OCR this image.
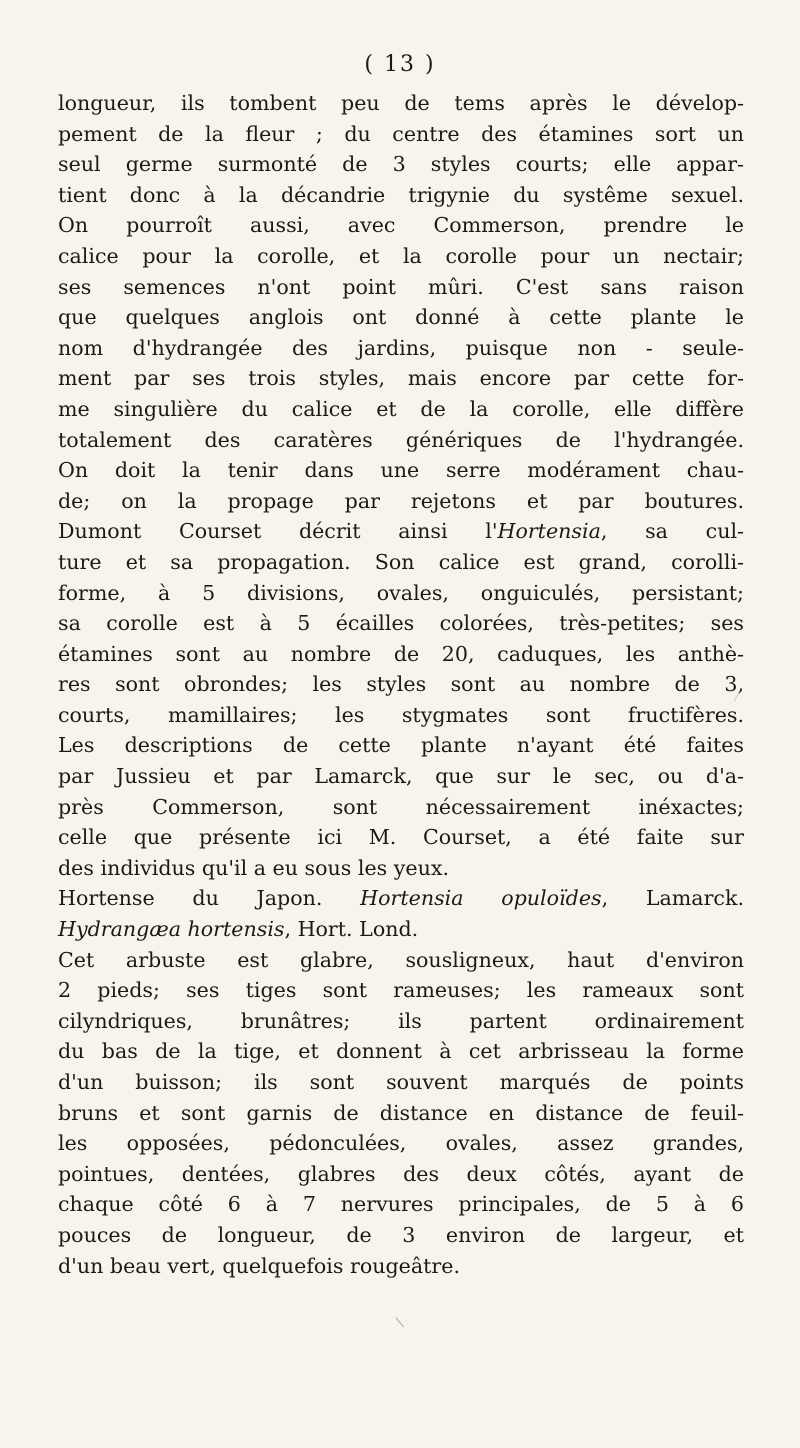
( 13 )
longueur, ils tombent peu de tems après le dévelop-
pement de la fleur ; du centre des étamines sort un
seul germe surmonté de 3 styles courts; elle appar-
tient donc à la décandrie trigynie du systême sexuel.
On pourroît aussi, avec Commerson, prendre le
calice pour la corolle, et la corolle pour un nectair;
ses semences n'ont point mûri. C'est sans raison
que quelques anglois ont donné à cette plante le
nom d'hydrangée des jardins, puisque non - seule-
ment par ses trois styles, mais encore par cette for-
me singulière du calice et de la corolle, elle diffère
totalement des caratères génériques de l'hydrangée.
On doit la tenir dans une serre modérament chau-
de; on la propage par rejetons et par boutures.
Dumont Courset décrit ainsi l'Hortensia, sa cul-
ture et sa propagation. Son calice est grand, corolli-
forme, à 5 divisions, ovales, onguiculés, persistant;
sa corolle est à 5 écailles colorées, très-petites; ses
étamines sont au nombre de 20, caduques, les anthè-
res sont obrondes; les styles sont au nombre de 3,
courts, mamillaires; les stygmates sont fructifères.
Les descriptions de cette plante n'ayant été faites
par Jussieu et par Lamarck, que sur le sec, ou d'a-
près Commerson, sont nécessairement inéxactes;
celle que présente ici M. Courset, a été faite sur
des individus qu'il a eu sous les yeux.
Hortense du Japon. Hortensia opuloïdes, Lamarck.
Hydrangæa hortensis, Hort. Lond.
Cet arbuste est glabre, sousligneux, haut d'environ
2 pieds; ses tiges sont rameuses; les rameaux sont
cilyndriques, brunâtres; ils partent ordinairement
du bas de la tige, et donnent à cet arbrisseau la forme
d'un buisson; ils sont souvent marqués de points
bruns et sont garnis de distance en distance de feuil-
les opposées, pédonculées, ovales, assez grandes,
pointues, dentées, glabres des deux côtés, ayant de
chaque côté 6 à 7 nervures principales, de 5 à 6
pouces de longueur, de 3 environ de largeur, et
d'un beau vert, quelquefois rougeâtre.
